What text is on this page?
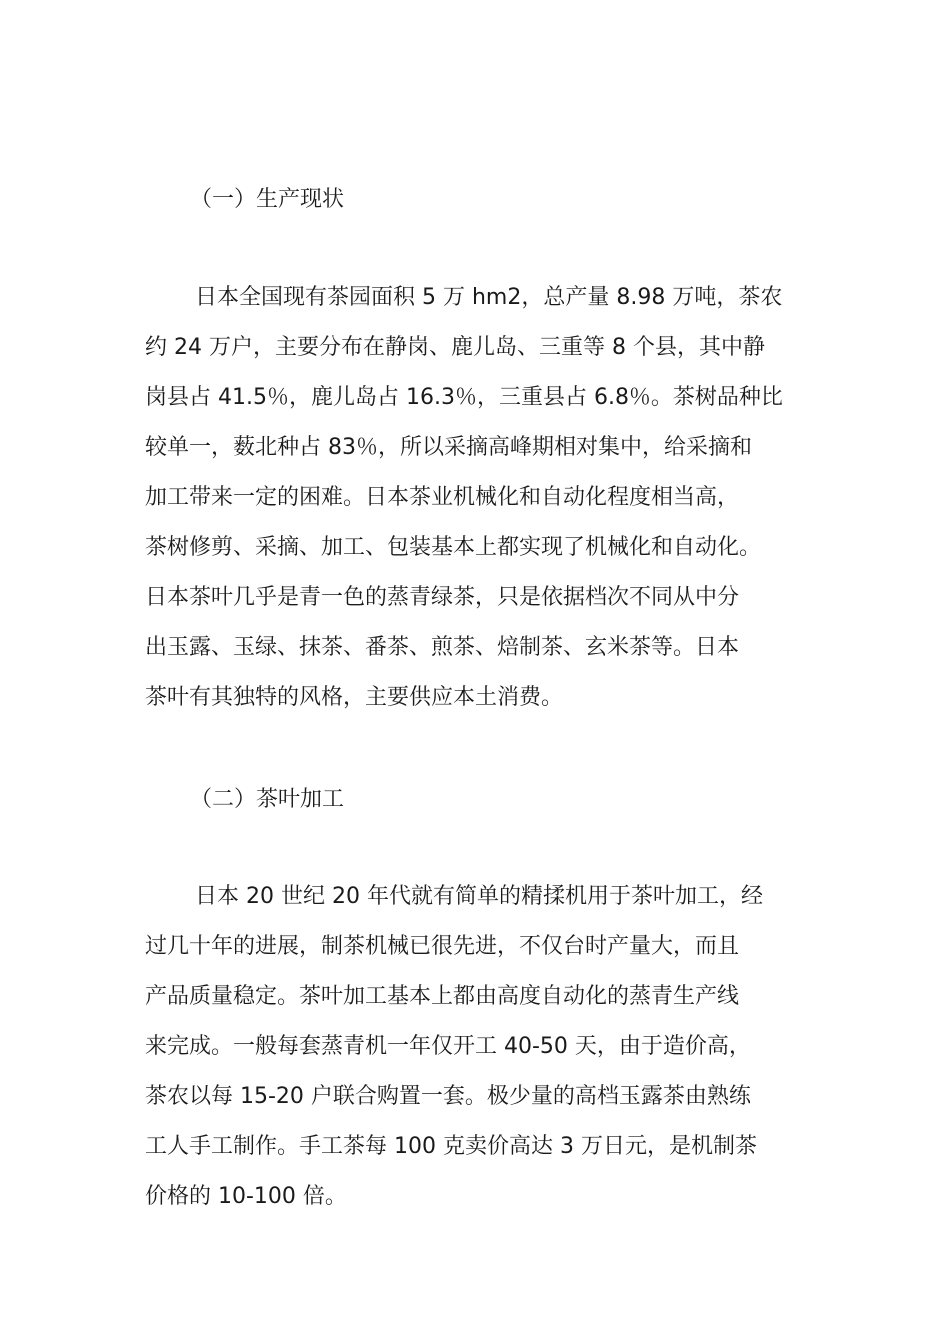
（一）生产现状
日本全国现有茶园面积 5 万 hm2，总产量 8.98 万吨，茶农
约 24 万户，主要分布在静岗、鹿儿岛、三重等 8 个县，其中静
岗县占 41.5％，鹿儿岛占 16.3％，三重县占 6.8％。茶树品种比
较单一，薮北种占 83％，所以采摘高峰期相对集中，给采摘和
加工带来一定的困难。日本茶业机械化和自动化程度相当高，
茶树修剪、采摘、加工、包装基本上都实现了机械化和自动化。
日本茶叶几乎是青一色的蒸青绿茶，只是依据档次不同从中分
出玉露、玉绿、抹茶、番茶、煎茶、焙制茶、玄米茶等。日本
茶叶有其独特的风格，主要供应本土消费。
（二）茶叶加工
日本 20 世纪 20 年代就有简单的精揉机用于茶叶加工，经
过几十年的进展，制茶机械已很先进，不仅台时产量大，而且
产品质量稳定。茶叶加工基本上都由高度自动化的蒸青生产线
来完成。一般每套蒸青机一年仅开工 40-50 天，由于造价高，
茶农以每 15-20 户联合购置一套。极少量的高档玉露茶由熟练
工人手工制作。手工茶每 100 克卖价高达 3 万日元，是机制茶
价格的 10-100 倍。
